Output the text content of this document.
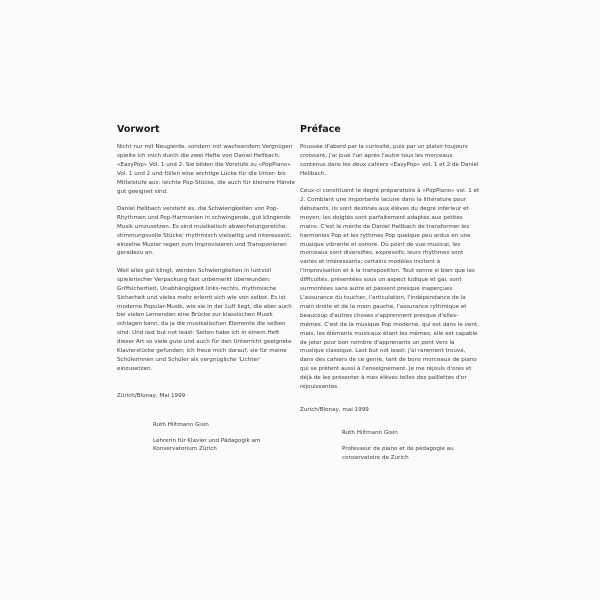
Vorwort

Nicht nur mit Neugierde, sondern mit wachsendem Vergnügen spielte ich mich durch die zwei Hefte von Daniel Hellbach: «EasyPop» Vol. 1 und 2. Sie bilden die Vorstufe zu «PopPiano» Vol. 1 und 2 und füllen eine wichtige Lücke für die Unter- bis Mittelstufe aus: leichte Pop-Stücke, die auch für kleinere Hände gut geeignet sind.

Daniel Hellbach versteht es, die Schwierigkeiten von Pop-Rhythmen und Pop-Harmonien in schwingende, gut klingende Musik umzusetzen. Es sind musikalisch abwechslungsreiche, stimmungsvolle Stücke; rhythmisch vielseitig und interessant; einzelne Muster regen zum Improvisieren und Transponieren geradezu an.

Weil alles gut klingt, werden Schwierigkeiten in lustvoll spielerischer Verpackung fast unbemerkt überwunden: Griffsicherheit, Unabhängigkeit links-rechts, rhythmische Sicherheit und vieles mehr erlernt sich wie von selbst. Es ist moderne Popular-Musik, wie sie in der Luft liegt, die aber auch bei vielen Lernenden eine Brücke zur klassischen Musik schlagen kann, da ja die musikalischen Elemente die selben sind. Und last but not least: Selten habe ich in einem Heft dieser Art so viele gute und auch für den Unterricht geeignete Klavierstücke gefunden; ich freue mich darauf, sie für meine Schülerinnen und Schüler als vergnügliche 'Lichter' einzusetzen.

Zürich/Blonay, Mai 1999

Ruth Hiltmann Gisin

Lehrerin für Klavier und Pädagogik am Konservatorium Zürich

Préface

Poussée d'abord par la curiosité, puis par un plaisir toujours croissant, j'ai joué l'un après l'autre tous les morceaux contenus dans les deux cahiers «EasyPop» vol. 1 et 2 de Daniel Hellbach.

Ceux-ci constituent le degré préparatoire à «PopPiano» vol. 1 et 2. Comblant une importante lacune dans la littérature pour débutants, ils sont destinés aux élèves du degré inférieur et moyen; les doigtés sont parfaitement adaptés aux petites mains. C'est le mérite de Daniel Hellbach de transformer les harmonies Pop et les rythmes Pop quelque peu ardus en une musique vibrante et sonore. Du point de vue musical, les morceaux sont diversifiés, expressifs; leurs rhythmes sont variés et intéressants; certains modèles incitent à l'improvisation et à la transposition. Tout sonne si bien que les difficultés, présentées sous un aspect ludique et gai, sont surmontées sans autre et passent presque inaperçues. L'assurance du toucher, l'articulation, l'indépendance de la main droite et de la main gauche, l'assurance rythmique et beaucoup d'autres choses s'apprennent presque d'elles-mêmes. C'est de la musique Pop moderne, qui est dans le vent, mais, les éléments musicaux étant les mêmes, elle est capable de jeter pour bon nombre d'apprenants un pont vers la musique classique. Last but not least: j'ai rarement trouvé, dans des cahiers de ce genre, tant de bons morceaux de piano qui se prêtent aussi à l'enseignement. Je me réjouis d'ores et déjà de les présenter à mes élèves telles des paillettes d'or réjouissantes.

Zurich/Blonay, mai 1999

Ruth Hiltmann Gisin

Professeur de piano et de pédagogie au conservatoire de Zurich
